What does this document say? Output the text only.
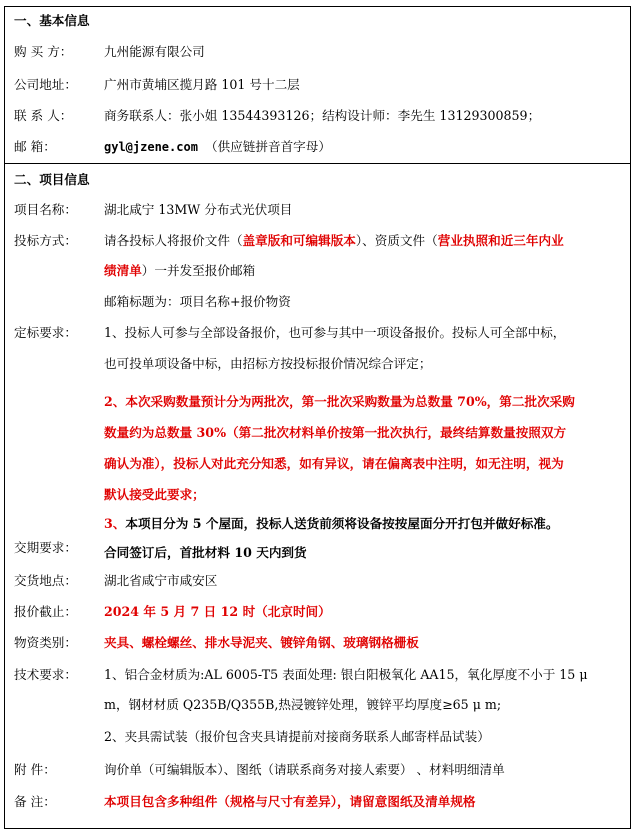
一、基本信息
购 买 方：	九州能源有限公司
公司地址： 广州市黄埔区揽月路 101 号十二层
联 系 人：	商务联系人：张小姐 13544393126；结构设计师：李先生 13129300859；
邮 箱：	gyl@jzene.com （供应链拼音首字母）
二、项目信息
项目名称： 湖北咸宁 13MW 分布式光伏项目
投标方式： 请各投标人将报价文件（盖章版和可编辑版本）、资质文件（营业执照和近三年内业
绩清单）一并发至报价邮箱
邮箱标题为：项目名称+报价物资
定标要求： 1、投标人可参与全部设备报价，也可参与其中一项设备报价。投标人可全部中标，
也可投单项设备中标，由招标方按投标报价情况综合评定；
2、本次采购数量预计分为两批次，第一批次采购数量为总数量 70%，第二批次采购
数量约为总数量 30%（第二批次材料单价按第一批次执行，最终结算数量按照双方
确认为准），投标人对此充分知悉，如有异议，请在偏离表中注明，如无注明，视为
默认接受此要求；
3、本项目分为 5 个屋面，投标人送货前须将设备按按屋面分开打包并做好标准。
交期要求： 合同签订后，首批材料 10 天内到货
交货地点： 湖北省咸宁市咸安区
报价截止： 2024 年 5 月 7 日 12 时（北京时间）
物资类别： 夹具、螺栓螺丝、排水导泥夹、镀锌角钢、玻璃钢格栅板
技术要求： 1、铝合金材质为:AL 6005-T5 表面处理: 银白阳极氧化 AA15，氧化厚度不小于 15 μ
m，钢材材质 Q235B/Q355B,热浸镀锌处理，镀锌平均厚度≥65 μ m;
2、夹具需试装（报价包含夹具请提前对接商务联系人邮寄样品试装）
附 件：	询价单（可编辑版本）、图纸（请联系商务对接人索要） 、材料明细清单
备 注：	本项目包含多种组件（规格与尺寸有差异），请留意图纸及清单规格
